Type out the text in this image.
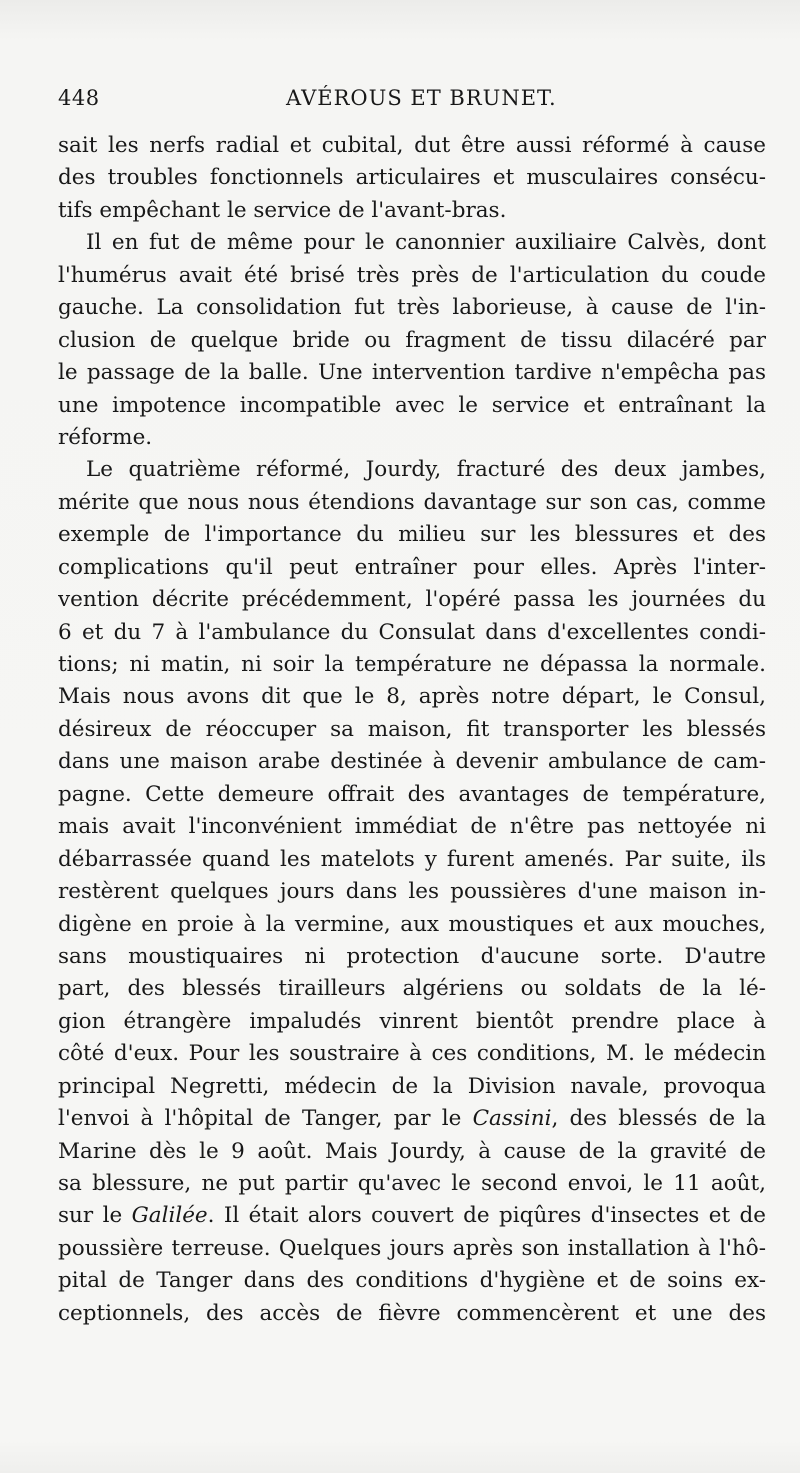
448	AVÉROUS ET BRUNET.
sait les nerfs radial et cubital, dut être aussi réformé à cause
des troubles fonctionnels articulaires et musculaires consécu-
tifs empêchant le service de l'avant-bras.
Il en fut de même pour le canonnier auxiliaire Calvès, dont
l'humérus avait été brisé très près de l'articulation du coude
gauche. La consolidation fut très laborieuse, à cause de l'in-
clusion de quelque bride ou fragment de tissu dilacéré par
le passage de la balle. Une intervention tardive n'empêcha pas
une impotence incompatible avec le service et entraînant la
réforme.
Le quatrième réformé, Jourdy, fracturé des deux jambes,
mérite que nous nous étendions davantage sur son cas, comme
exemple de l'importance du milieu sur les blessures et des
complications qu'il peut entraîner pour elles. Après l'inter-
vention décrite précédemment, l'opéré passa les journées du
6 et du 7 à l'ambulance du Consulat dans d'excellentes condi-
tions; ni matin, ni soir la température ne dépassa la normale.
Mais nous avons dit que le 8, après notre départ, le Consul,
désireux de réoccuper sa maison, fit transporter les blessés
dans une maison arabe destinée à devenir ambulance de cam-
pagne. Cette demeure offrait des avantages de température,
mais avait l'inconvénient immédiat de n'être pas nettoyée ni
débarrassée quand les matelots y furent amenés. Par suite, ils
restèrent quelques jours dans les poussières d'une maison in-
digène en proie à la vermine, aux moustiques et aux mouches,
sans moustiquaires ni protection d'aucune sorte. D'autre
part, des blessés tirailleurs algériens ou soldats de la lé-
gion étrangère impaludés vinrent bientôt prendre place à
côté d'eux. Pour les soustraire à ces conditions, M. le médecin
principal Negretti, médecin de la Division navale, provoqua
l'envoi à l'hôpital de Tanger, par le Cassini, des blessés de la
Marine dès le 9 août. Mais Jourdy, à cause de la gravité de
sa blessure, ne put partir qu'avec le second envoi, le 11 août,
sur le Galilée. Il était alors couvert de piqûres d'insectes et de
poussière terreuse. Quelques jours après son installation à l'hô-
pital de Tanger dans des conditions d'hygiène et de soins ex-
ceptionnels, des accès de fièvre commencèrent et une des
